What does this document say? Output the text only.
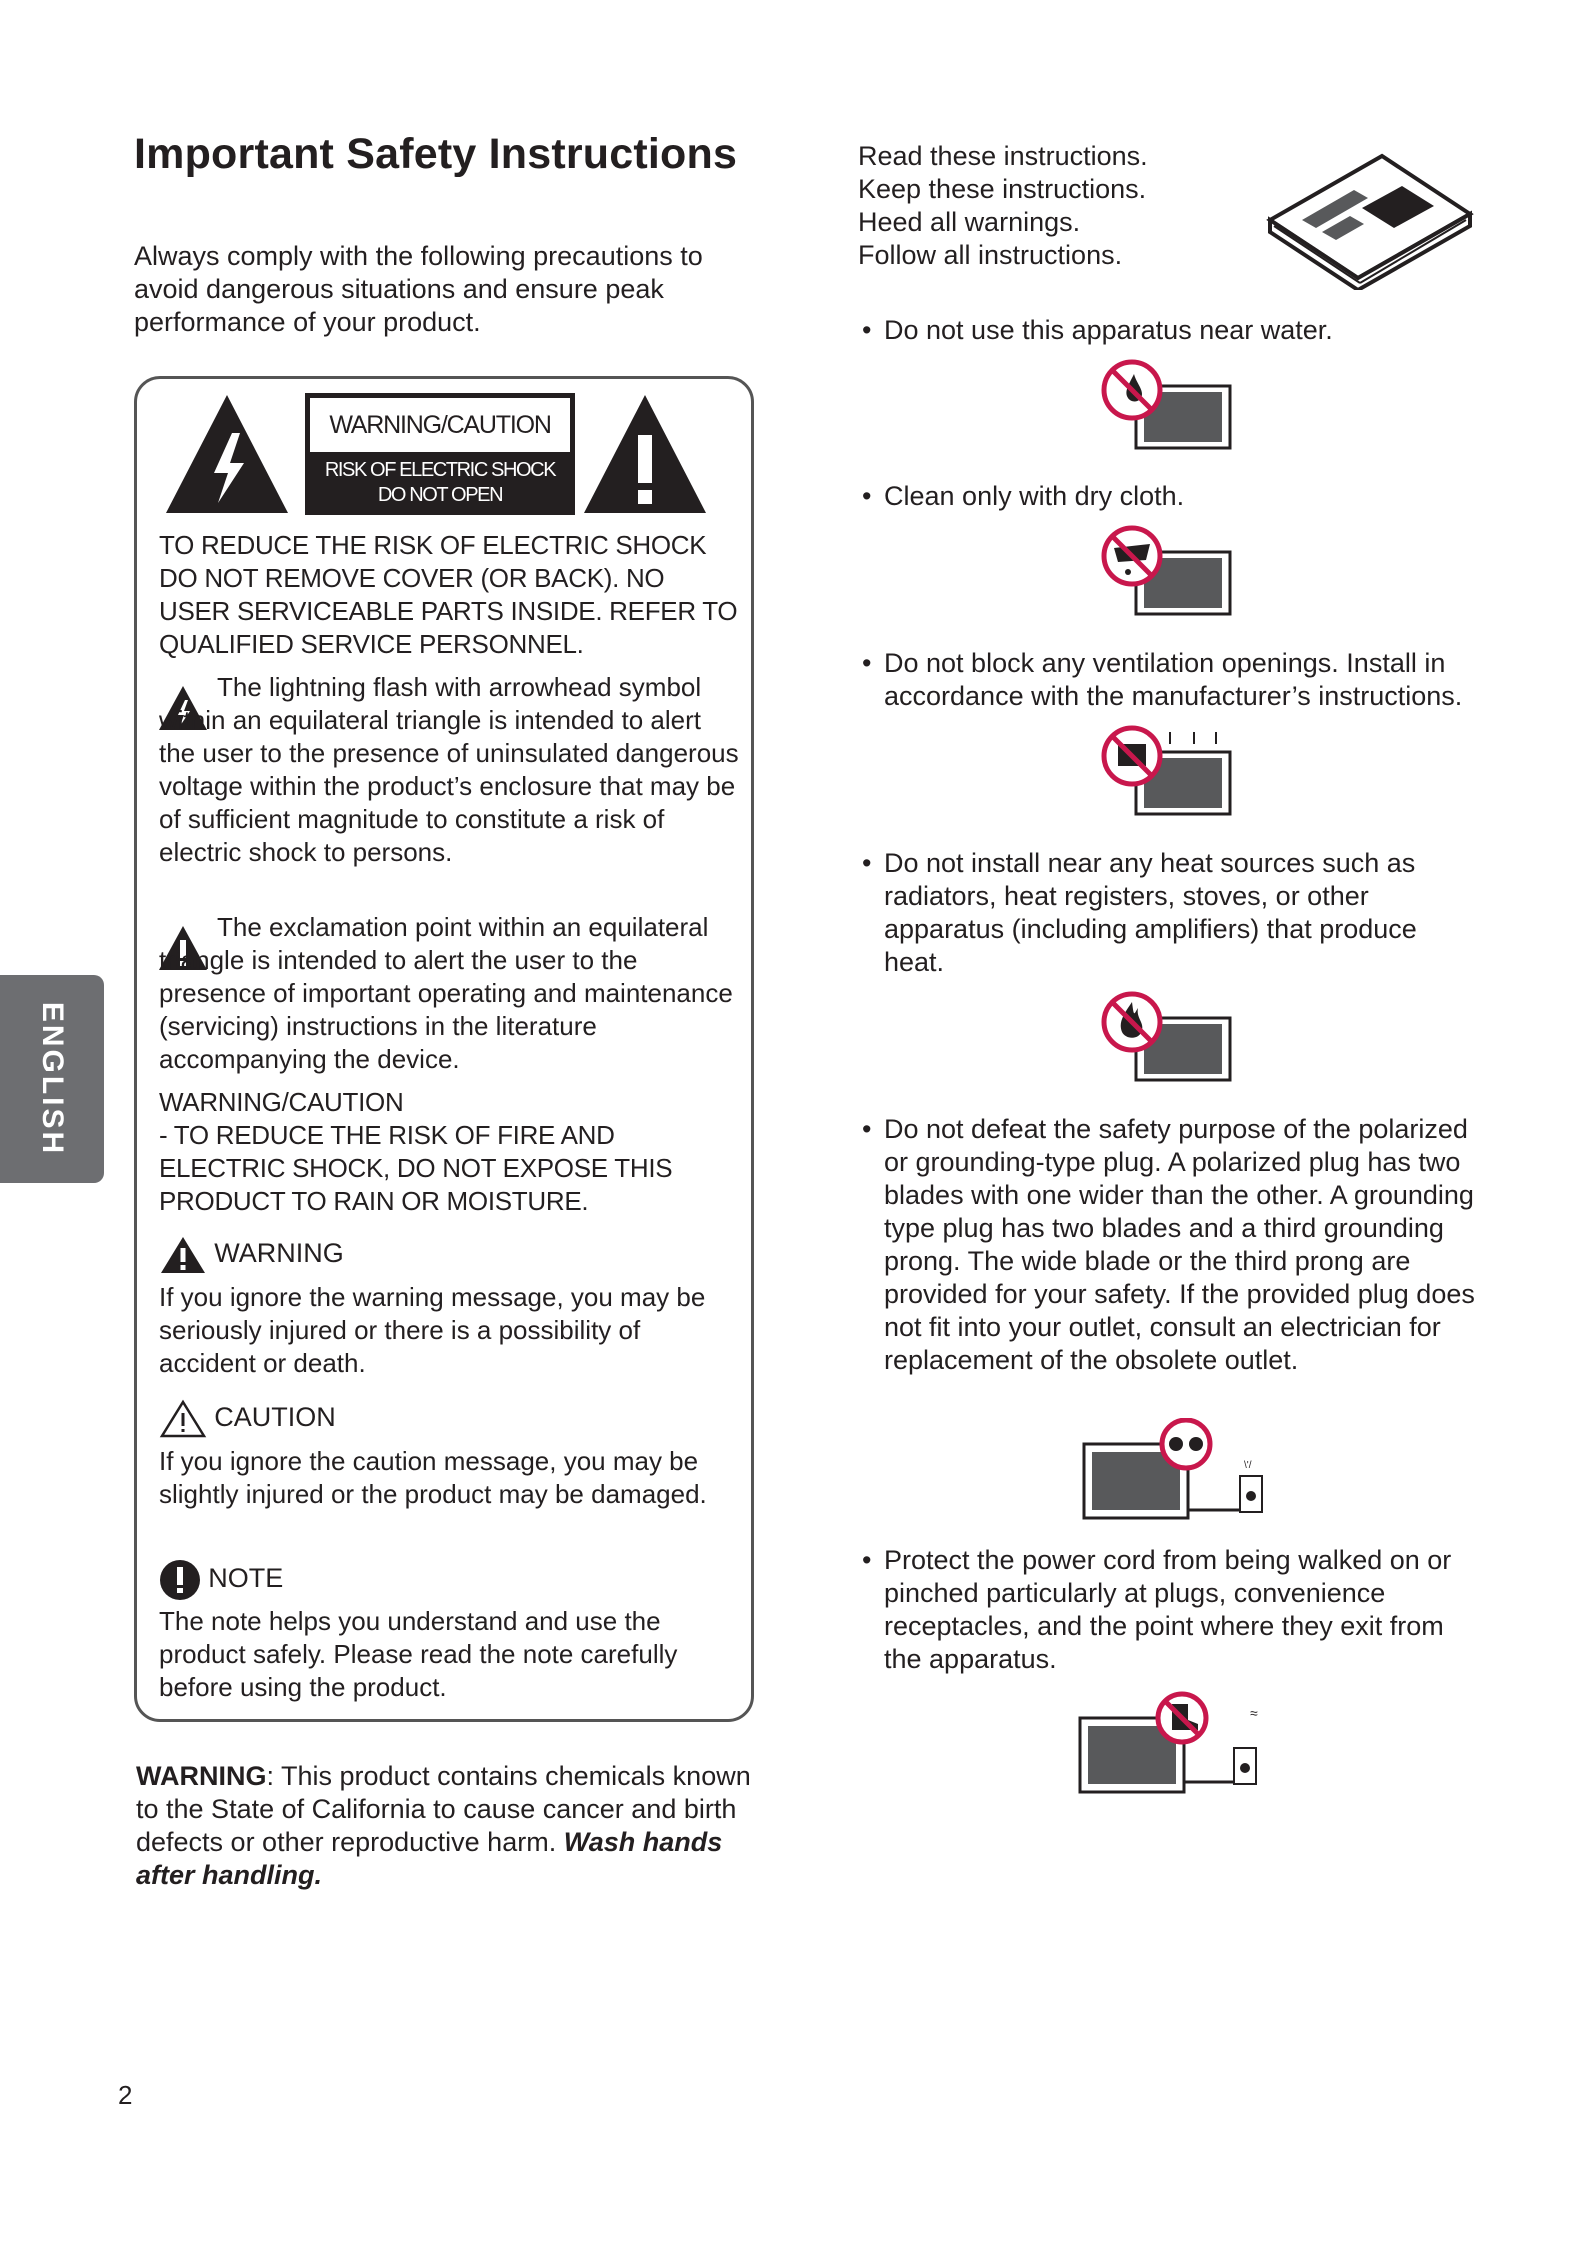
Important Safety Instructions
Always comply with the following precautions to avoid dangerous situations and ensure peak performance of your product.
WARNING/CAUTION
RISK OF ELECTRIC SHOCK
DO NOT OPEN
TO REDUCE THE RISK OF ELECTRIC SHOCK DO NOT REMOVE COVER (OR BACK). NO USER SERVICEABLE PARTS INSIDE. REFER TO QUALIFIED SERVICE PERSONNEL.
The lightning flash with arrowhead symbol within an equilateral triangle is intended to alert the user to the presence of uninsulated dangerous voltage within the product’s enclosure that may be of sufficient magnitude to constitute a risk of electric shock to persons.
The exclamation point within an equilateral triangle is intended to alert the user to the presence of important operating and maintenance (servicing) instructions in the literature accompanying the device.
WARNING/CAUTION
- TO REDUCE THE RISK OF FIRE AND ELECTRIC SHOCK, DO NOT EXPOSE THIS PRODUCT TO RAIN OR MOISTURE.
WARNING
If you ignore the warning message, you may be seriously injured or there is a possibility of accident or death.
CAUTION
If you ignore the caution message, you may be slightly injured or the product may be damaged.
NOTE
The note helps you understand and use the product safely. Please read the note carefully before using the product.
WARNING: This product contains chemicals known to the State of California to cause cancer and birth defects or other reproductive harm. Wash hands after handling.
ENGLISH
2
Read these instructions.
Keep these instructions.
Heed all warnings.
Follow all instructions.
• Do not use this apparatus near water.
• Clean only with dry cloth.
• Do not block any ventilation openings. Install in accordance with the manufacturer’s instructions.
• Do not install near any heat sources such as radiators, heat registers, stoves, or other apparatus (including amplifiers) that produce heat.
• Do not defeat the safety purpose of the polarized or grounding-type plug. A polarized plug has two blades with one wider than the other. A grounding type plug has two blades and a third grounding prong. The wide blade or the third prong are provided for your safety. If the provided plug does not fit into your outlet, consult an electrician for replacement of the obsolete outlet.
• Protect the power cord from being walked on or pinched particularly at plugs, convenience receptacles, and the point where they exit from the apparatus.
\'/
≈
